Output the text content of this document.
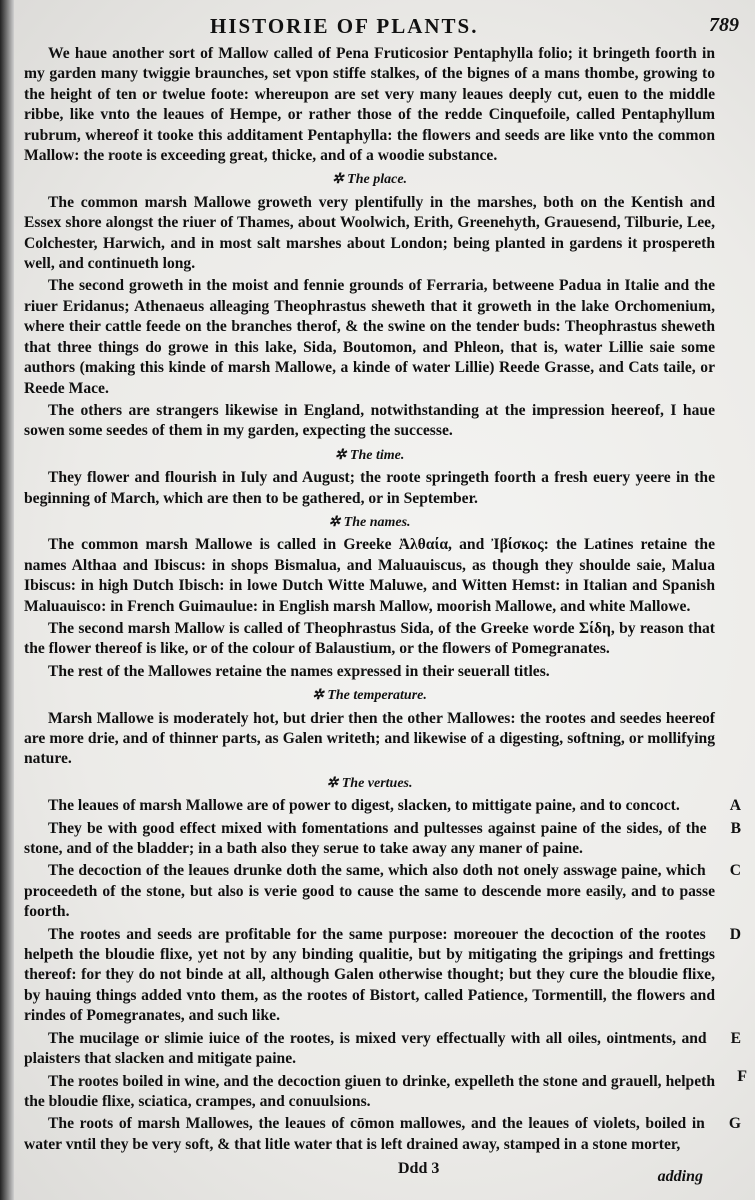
HISTORIE OF PLANTS.	789

We haue another sort of Mallow called of Pena Fruticosior Pentaphylla folio; it bringeth foorth in my garden many twiggie braunches, set vpon stiffe stalkes, of the bignes of a mans thombe, growing to the height of ten or twelue foote: whereupon are set very many leaues deeply cut, euen to the middle ribbe, like vnto the leaues of Hempe, or rather those of the redde Cinquefoile, called Pentaphyllum rubrum, whereof it tooke this additament Pentaphylla: the flowers and seeds are like vnto the common Mallow: the roote is exceeding great, thicke, and of a woodie substance.

✲ The place.

The common marsh Mallowe groweth very plentifully in the marshes, both on the Kentish and Essex shore alongst the riuer of Thames, about Woolwich, Erith, Greenehyth, Grauesend, Tilburie, Lee, Colchester, Harwich, and in most salt marshes about London; being planted in gardens it prospereth well, and continueth long.

The second groweth in the moist and fennie grounds of Ferraria, betweene Padua in Italie and the riuer Eridanus; Athenaeus alleaging Theophrastus sheweth that it groweth in the lake Orchomenium, where their cattle feede on the branches therof, & the swine on the tender buds: Theophrastus sheweth that three things do growe in this lake, Sida, Boutomon, and Phleon, that is, water Lillie saie some authors (making this kinde of marsh Mallowe, a kinde of water Lillie) Reede Grasse, and Cats taile, or Reede Mace.

The others are strangers likewise in England, notwithstanding at the impression heereof, I haue sowen some seedes of them in my garden, expecting the successe.

✲ The time.

They flower and flourish in Iuly and August; the roote springeth foorth a fresh euery yeere in the beginning of March, which are then to be gathered, or in September.

✲ The names.

The common marsh Mallowe is called in Greeke Ἀλθαία, and Ἰβίσκος: the Latines retaine the names Althaa and Ibiscus: in shops Bismalua, and Maluauiscus, as though they shoulde saie, Malua Ibiscus: in high Dutch Ibisch: in lowe Dutch Witte Maluwe, and Witten Hemst: in Italian and Spanish Maluauisco: in French Guimaulue: in English marsh Mallow, moorish Mallowe, and white Mallowe.

The second marsh Mallow is called of Theophrastus Sida, of the Greeke worde Σίδη, by reason that the flower thereof is like, or of the colour of Balaustium, or the flowers of Pomegranates.

The rest of the Mallowes retaine the names expressed in their seuerall titles.

✲ The temperature.

Marsh Mallowe is moderately hot, but drier then the other Mallowes: the rootes and seedes heereof are more drie, and of thinner parts, as Galen writeth; and likewise of a digesting, softning, or mollifying nature.

✲ The vertues.

A
The leaues of marsh Mallowe are of power to digest, slacken, to mittigate paine, and to concoct.

B
They be with good effect mixed with fomentations and pultesses against paine of the sides, of the stone, and of the bladder; in a bath also they serue to take away any maner of paine.

C
The decoction of the leaues drunke doth the same, which also doth not onely asswage paine, which proceedeth of the stone, but also is verie good to cause the same to descende more easily, and to passe foorth.

D
The rootes and seeds are profitable for the same purpose: moreouer the decoction of the rootes helpeth the bloudie flixe, yet not by any binding qualitie, but by mitigating the gripings and frettings thereof: for they do not binde at all, although Galen otherwise thought; but they cure the bloudie flixe, by hauing things added vnto them, as the rootes of Bistort, called Patience, Tormentill, the flowers and rindes of Pomegranates, and such like.

E
The mucilage or slimie iuice of the rootes, is mixed very effectually with all oiles, ointments, and plaisters that slacken and mitigate paine.

The rootes boiled in wine, and the decoction giuen to drinke, expelleth the stone and grauell, helpeth the bloudie flixe, sciatica, crampes, and conuulsions.

G
The roots of marsh Mallowes, the leaues of cōmon mallowes, and the leaues of violets, boiled in water vntil they be very soft, & that litle water that is left drained away, stamped in a stone morter,

F
Ddd 3	adding
